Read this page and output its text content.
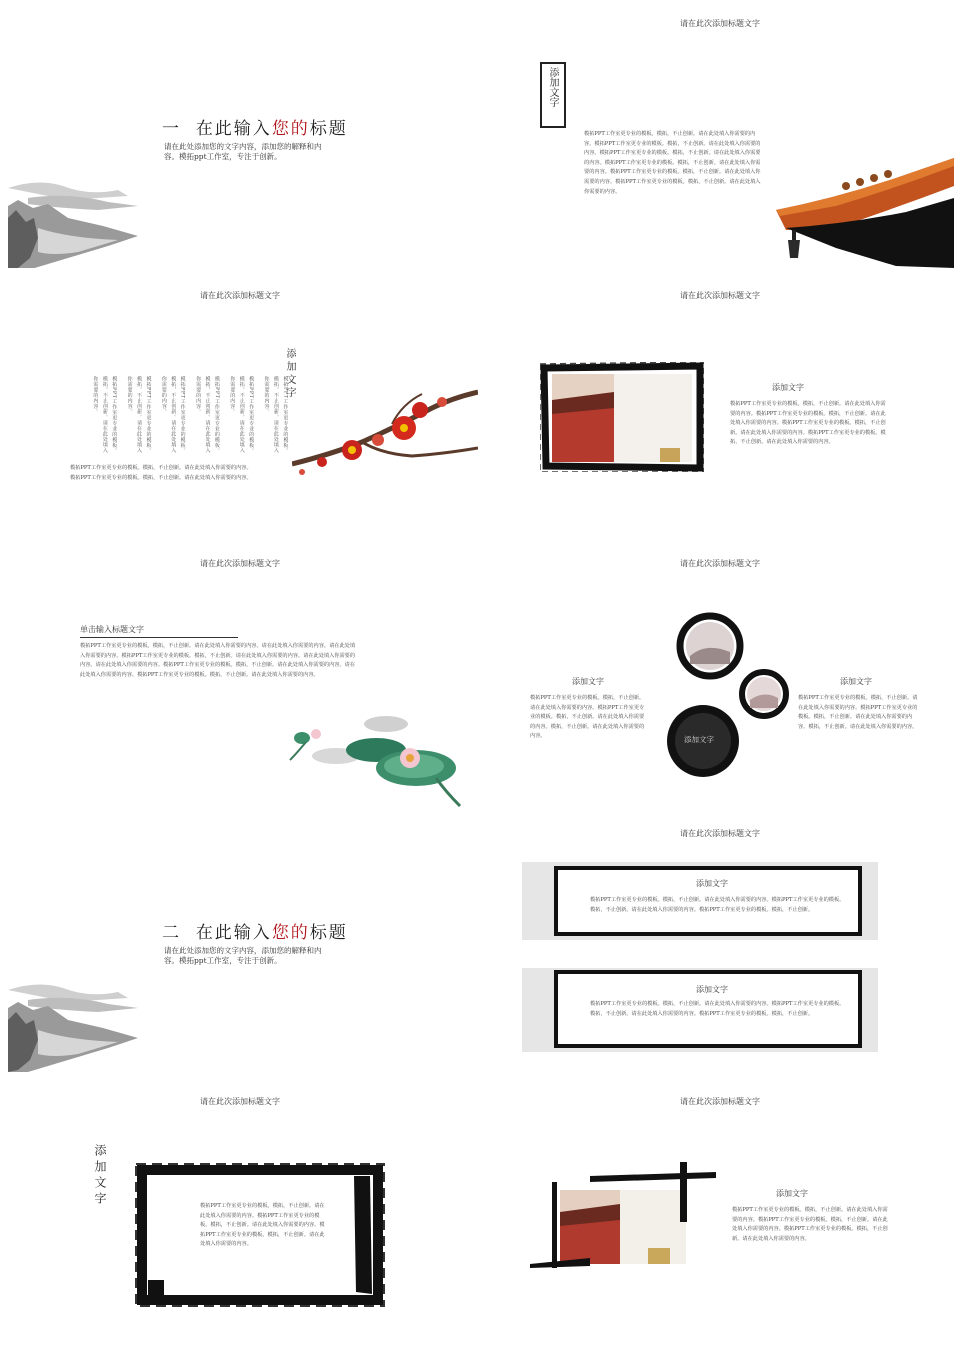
一 在此输入您的标题
请在此处添加您的文字内容，添加您的解释和内
容。模拓ppt工作室，专注于创新。
请在此次添加标题文字
添加文字
模拓PPT工作室更专业的模板。模拓，不止创新。请在此处填入你需要的内容。模拓PPT工作室更专业的模板。模拓，不止创新。请在此处填入你需要的内容。模拓PPT工作室更专业的模板。模拓，不止创新。请在此处填入你需要的内容。模拓PPT工作室更专业的模板。模拓，不止创新。请在此处填入你需要的内容。模拓PPT工作室更专业的模板。模拓，不止创新。请在此处填入你需要的内容。模拓PPT工作室更专业的模板。模拓，不止创新。请在此处填入你需要的内容。
请在此次添加标题文字
添加文字
模拓PPT工作室更专业的模板。模拓，不止创新。请在此处填入你需要的内容。
模拓PPT工作室更专业的模板。模拓，不止创新。请在此处填入你需要的内容。
模拓PPT工作室更专业的模板。模拓，不止创新。请在此处填入你需要的内容。
模拓PPT工作室更专业的模板。模拓，不止创新。请在此处填入你需要的内容。
模拓PPT工作室更专业的模板。模拓，不止创新。请在此处填入你需要的内容。
模拓PPT工作室更专业的模板。模拓，不止创新。请在此处填入你需要的内容。
模拓PPT工作室更专业的模板。模拓，不止创新。请在此处填入你需要的内容。
模拓PPT工作室更专业的模板。模拓，不止创新。请在此处填入你需要的内容。
请在此次添加标题文字
添加文字
模拓PPT工作室更专业的模板。模拓，不止创新。请在此处填入你需要的内容。模拓PPT工作室更专业的模板。模拓，不止创新。请在此处填入你需要的内容。模拓PPT工作室更专业的模板。模拓，不止创新。请在此处填入你需要的内容。模拓PPT工作室更专业的模板。模拓，不止创新。请在此处填入你需要的内容。
请在此次添加标题文字
单击输入标题文字
模拓PPT工作室更专业的模板。模拓，不止创新。请在此处填入你需要的内容。请在此处填入你需要的内容。请在此处填入你需要的内容。模拓PPT工作室更专业的模板。模拓，不止创新。请在此处填入你需要的内容。请在此处填入你需要的内容。请在此处填入你需要的内容。模拓PPT工作室更专业的模板。模拓，不止创新。请在此处填入你需要的内容。请在此处填入你需要的内容。模拓PPT工作室更专业的模板。模拓，不止创新。请在此处填入你需要的内容。
请在此次添加标题文字
添加文字
模拓PPT工作室更专业的模板。模拓，不止创新。请在此处填入你需要的内容。模拓PPT工作室更专业的模板。模拓，不止创新。请在此处填入你需要的内容。模拓，不止创新。请在此处填入你需要的内容。
添加文字
模拓PPT工作室更专业的模板。模拓，不止创新。请在此处填入你需要的内容。模拓PPT工作室更专业的模板。模拓，不止创新。请在此处填入你需要的内容。模拓，不止创新。请在此处填入你需要的内容。
添加文字
二 在此输入您的标题
请在此处添加您的文字内容，添加您的解释和内
容。模拓ppt工作室，专注于创新。
请在此次添加标题文字
添加文字
模拓PPT工作室更专业的模板。模拓，不止创新。请在此处填入你需要的内容。模拓PPT工作室更专业的模板。模拓，不止创新。请在此处填入你需要的内容。模拓PPT工作室更专业的模板。模拓，不止创新。
添加文字
模拓PPT工作室更专业的模板。模拓，不止创新。请在此处填入你需要的内容。模拓PPT工作室更专业的模板。模拓，不止创新。请在此处填入你需要的内容。模拓PPT工作室更专业的模板。模拓，不止创新。
请在此次添加标题文字
添加文字	模拓PPT工作室更专业的模板。模拓，不止创新。请在此处填入你需要的内容。模拓PPT工作室更专业的模板。模拓，不止创新。请在此处填入你需要的内容。模拓PPT工作室更专业的模板。模拓，不止创新。请在此处填入你需要的内容。
请在此次添加标题文字
添加文字
模拓PPT工作室更专业的模板。模拓，不止创新。请在此处填入你需要的内容。模拓PPT工作室更专业的模板。模拓，不止创新。请在此处填入你需要的内容。模拓PPT工作室更专业的模板。模拓，不止创新。请在此处填入你需要的内容。
